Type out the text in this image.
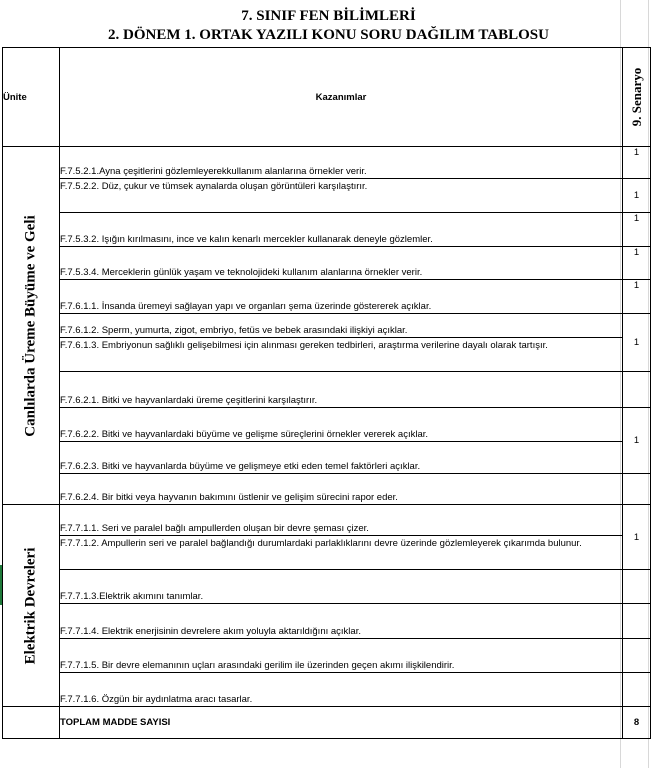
7. SINIF FEN BİLİMLERİ
2. DÖNEM 1. ORTAK YAZILI KONU SORU DAĞILIM TABLOSU
Ünite	Kazanımlar	9. Senaryo

Canlılarda Üreme Büyüme ve Geli	F.7.5.2.1.Ayna çeşitlerini gözlemleyerekkullanım alanlarına örnekler verir.	1
	F.7.5.2.2. Düz, çukur ve tümsek aynalarda oluşan görüntüleri karşılaştırır.	1
	F.7.5.3.2. Işığın kırılmasını, ince ve kalın kenarlı mercekler kullanarak deneyle gözlemler.	1
	F.7.5.3.4. Merceklerin günlük yaşam ve teknolojideki kullanım alanlarına örnekler verir.	1
	F.7.6.1.1. İnsanda üremeyi sağlayan yapı ve organları şema üzerinde göstererek açıklar.	1
	F.7.6.1.2. Sperm, yumurta, zigot, embriyo, fetüs ve bebek arasındaki ilişkiyi açıklar.	1
	F.7.6.1.3. Embriyonun sağlıklı gelişebilmesi için alınması gereken tedbirleri, araştırma verilerine dayalı olarak tartışır.	
	F.7.6.2.1. Bitki ve hayvanlardaki üreme çeşitlerini karşılaştırır.	
	F.7.6.2.2. Bitki ve hayvanlardaki büyüme ve gelişme süreçlerini örnekler vererek açıklar.	1
	F.7.6.2.3. Bitki ve hayvanlarda büyüme ve gelişmeye etki eden temel faktörleri açıklar.	
	F.7.6.2.4. Bir bitki veya hayvanın bakımını üstlenir ve gelişim sürecini rapor eder.	

Elektrik Devreleri	F.7.7.1.1. Seri ve paralel bağlı ampullerden oluşan bir devre şeması çizer.	1
	F.7.7.1.2. Ampullerin seri ve paralel bağlandığı durumlardaki parlaklıklarını devre üzerinde gözlemleyerek çıkarımda bulunur.	
	F.7.7.1.3.Elektrik akımını tanımlar.	
	F.7.7.1.4. Elektrik enerjisinin devrelere akım yoluyla aktarıldığını açıklar.	
	F.7.7.1.5. Bir devre elemanının uçları arasındaki gerilim ile üzerinden geçen akımı ilişkilendirir.	
	F.7.7.1.6. Özgün bir aydınlatma aracı tasarlar.	
	TOPLAM MADDE SAYISI	8
